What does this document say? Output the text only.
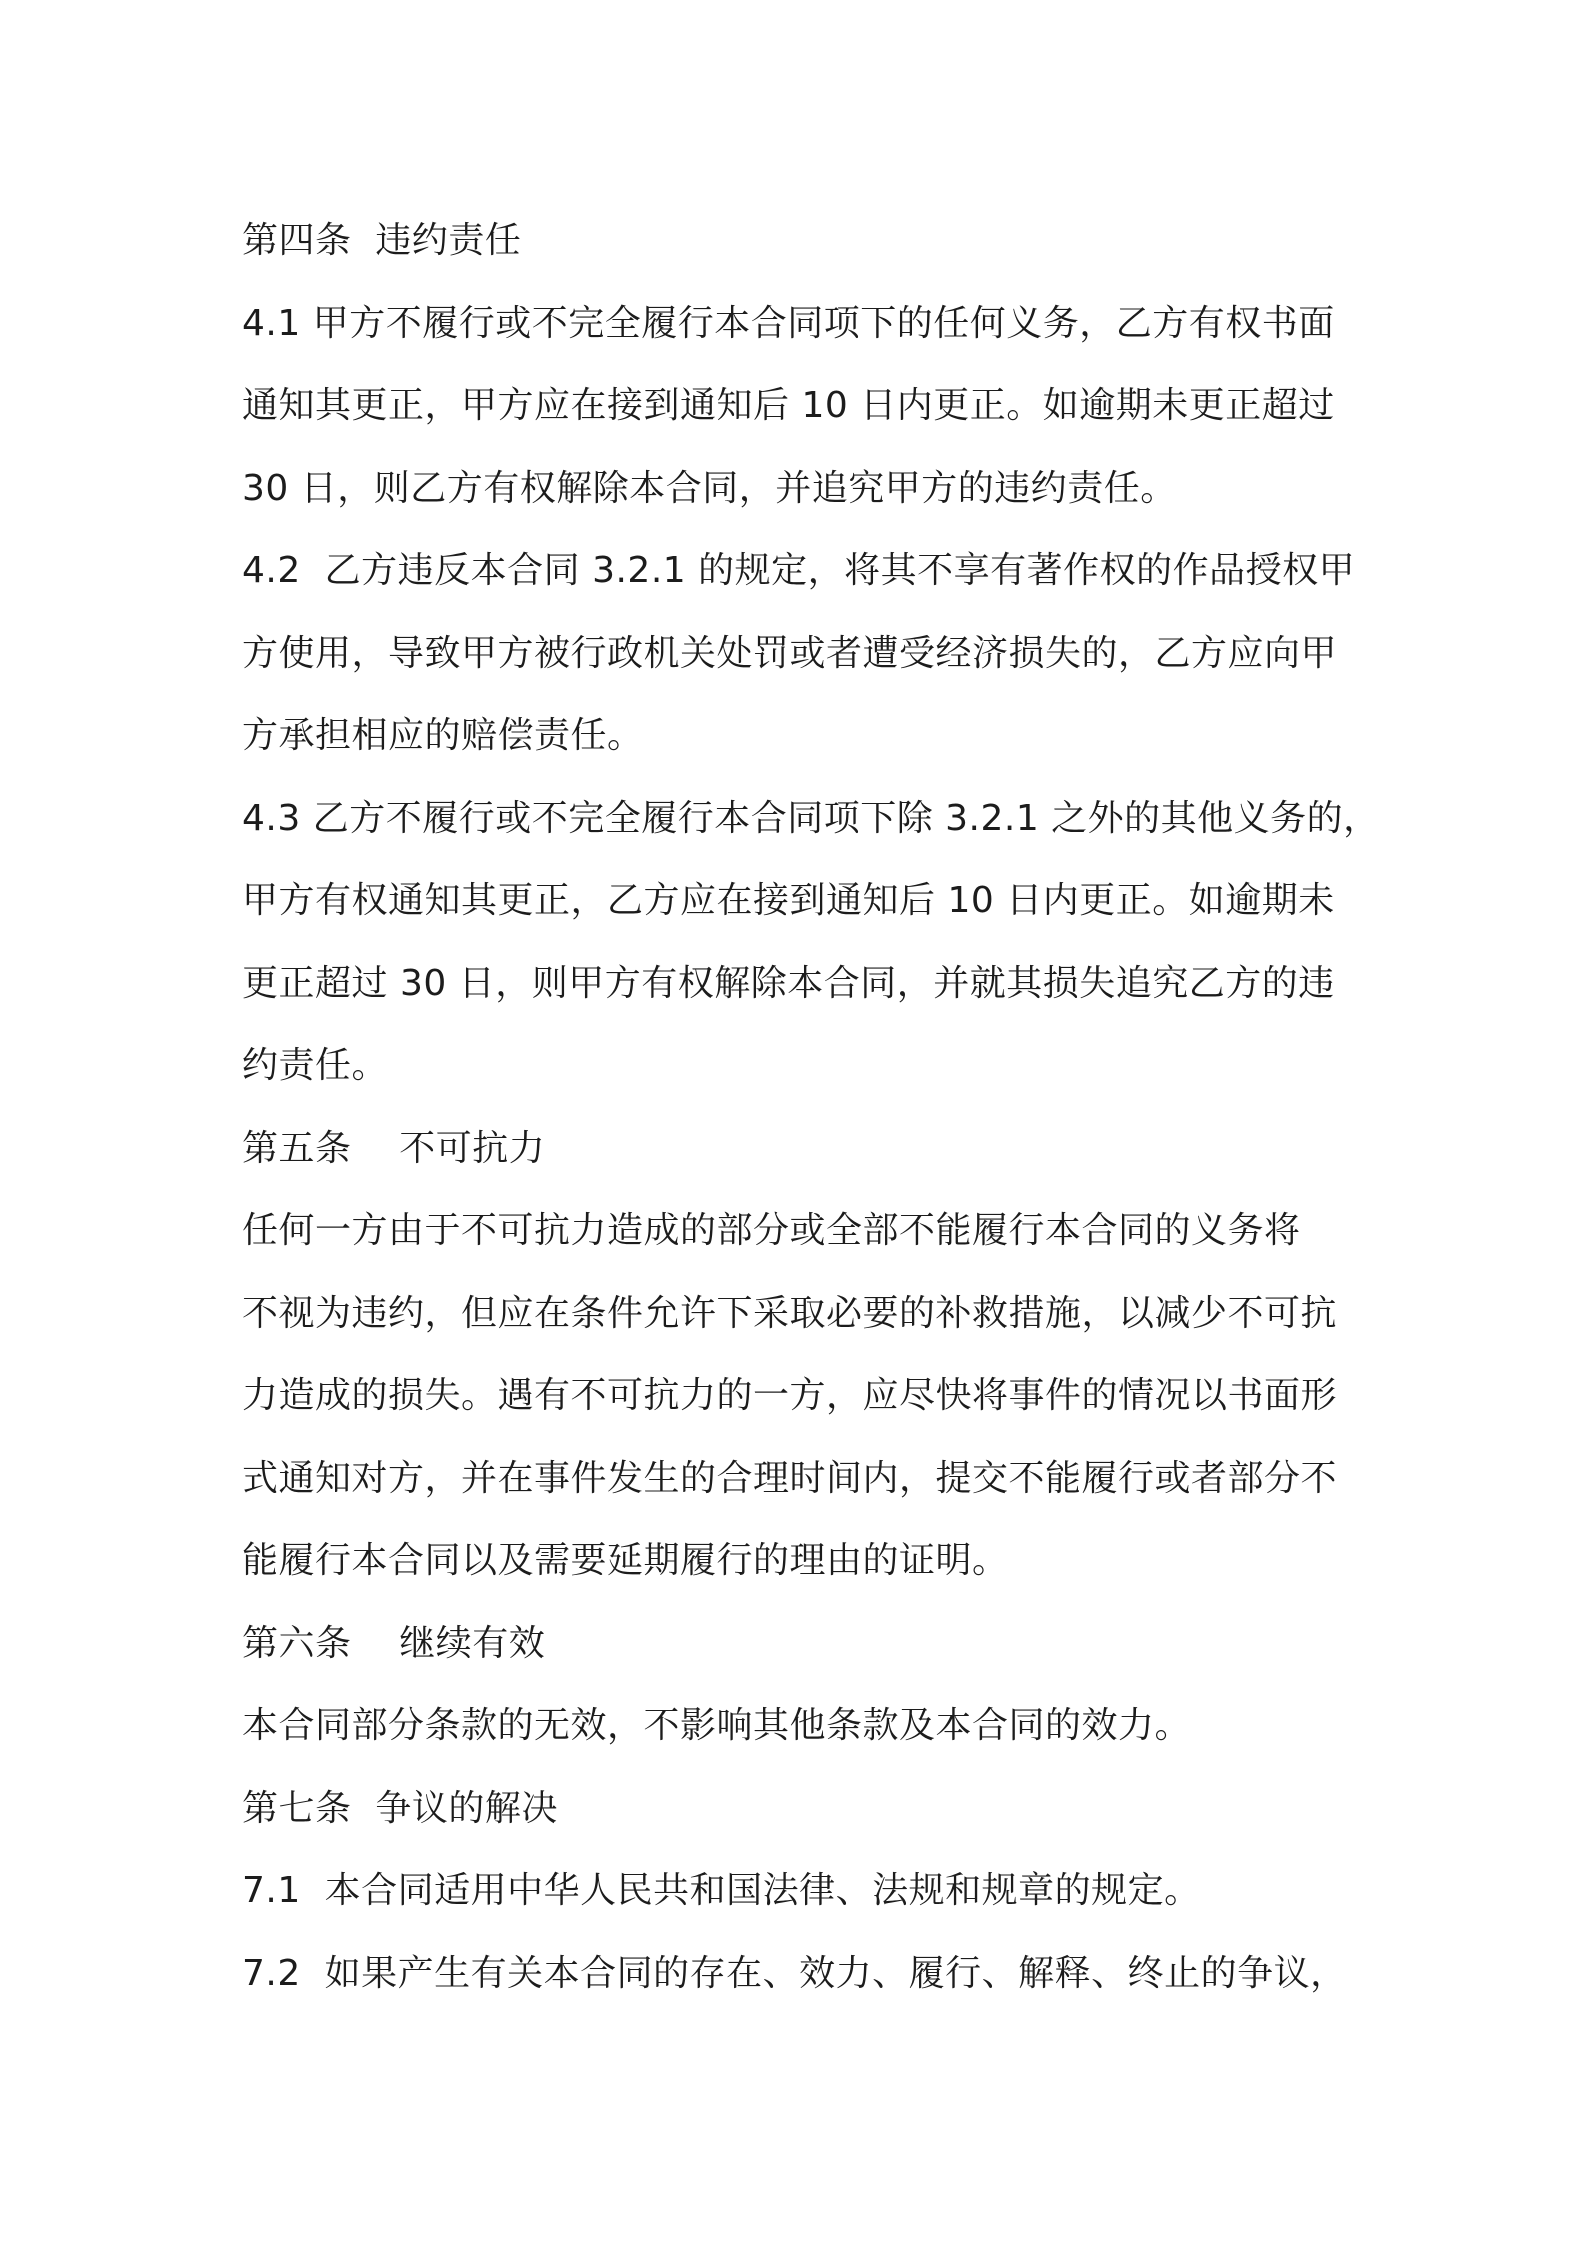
第四条  违约责任

4.1 甲方不履行或不完全履行本合同项下的任何义务，乙方有权书面

通知其更正，甲方应在接到通知后 10 日内更正。如逾期未更正超过

30 日，则乙方有权解除本合同，并追究甲方的违约责任。

4.2  乙方违反本合同 3.2.1 的规定，将其不享有著作权的作品授权甲

方使用，导致甲方被行政机关处罚或者遭受经济损失的，乙方应向甲

方承担相应的赔偿责任。

4.3 乙方不履行或不完全履行本合同项下除 3.2.1 之外的其他义务的，

甲方有权通知其更正，乙方应在接到通知后 10 日内更正。如逾期未

更正超过 30 日，则甲方有权解除本合同，并就其损失追究乙方的违

约责任。

第五条    不可抗力

任何一方由于不可抗力造成的部分或全部不能履行本合同的义务将

不视为违约，但应在条件允许下采取必要的补救措施，以减少不可抗

力造成的损失。遇有不可抗力的一方，应尽快将事件的情况以书面形

式通知对方，并在事件发生的合理时间内，提交不能履行或者部分不

能履行本合同以及需要延期履行的理由的证明。

第六条    继续有效

本合同部分条款的无效，不影响其他条款及本合同的效力。

第七条  争议的解决

7.1  本合同适用中华人民共和国法律、法规和规章的规定。

7.2  如果产生有关本合同的存在、效力、履行、解释、终止的争议，
